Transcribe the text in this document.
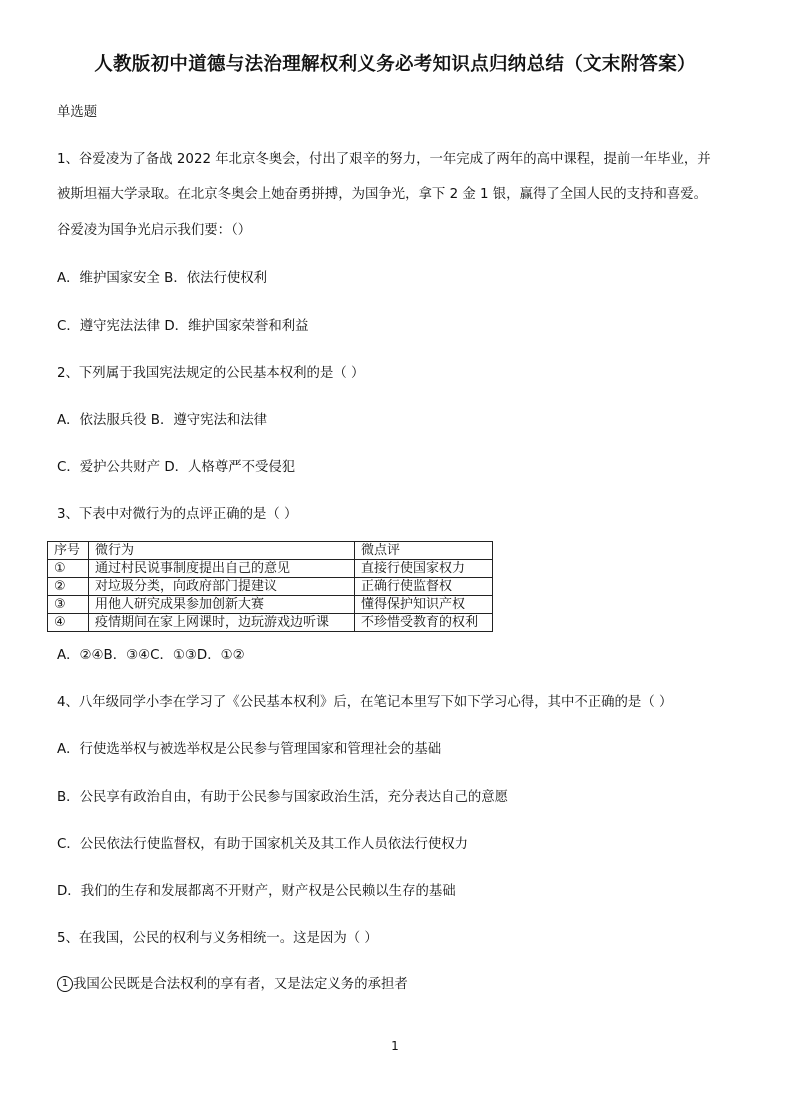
人教版初中道德与法治理解权利义务必考知识点归纳总结（文末附答案）
单选题
1、谷爱凌为了备战 2022 年北京冬奥会，付出了艰辛的努力，一年完成了两年的高中课程，提前一年毕业，并
被斯坦福大学录取。在北京冬奥会上她奋勇拼搏，为国争光，拿下 2 金 1 银，赢得了全国人民的支持和喜爱。
谷爱凌为国争光启示我们要：（）
A．维护国家安全 B．依法行使权利
C．遵守宪法法律 D．维护国家荣誉和利益
2、下列属于我国宪法规定的公民基本权利的是（ ）
A．依法服兵役 B．遵守宪法和法律
C．爱护公共财产 D．人格尊严不受侵犯
3、下表中对微行为的点评正确的是（ ）
序号	微行为	微点评
①	通过村民说事制度提出自己的意见	直接行使国家权力
②	对垃圾分类，向政府部门提建议	正确行使监督权
③	用他人研究成果参加创新大赛	懂得保护知识产权
④	疫情期间在家上网课时，边玩游戏边听课	不珍惜受教育的权利
A．②④B．③④C．①③D．①②
4、八年级同学小李在学习了《公民基本权利》后，在笔记本里写下如下学习心得，其中不正确的是（ ）
A．行使选举权与被选举权是公民参与管理国家和管理社会的基础
B．公民享有政治自由，有助于公民参与国家政治生活，充分表达自己的意愿
C．公民依法行使监督权，有助于国家机关及其工作人员依法行使权力
D．我们的生存和发展都离不开财产，财产权是公民赖以生存的基础
5、在我国，公民的权利与义务相统一。这是因为（ ）
1 我国公民既是合法权利的享有者，又是法定义务的承担者
1
